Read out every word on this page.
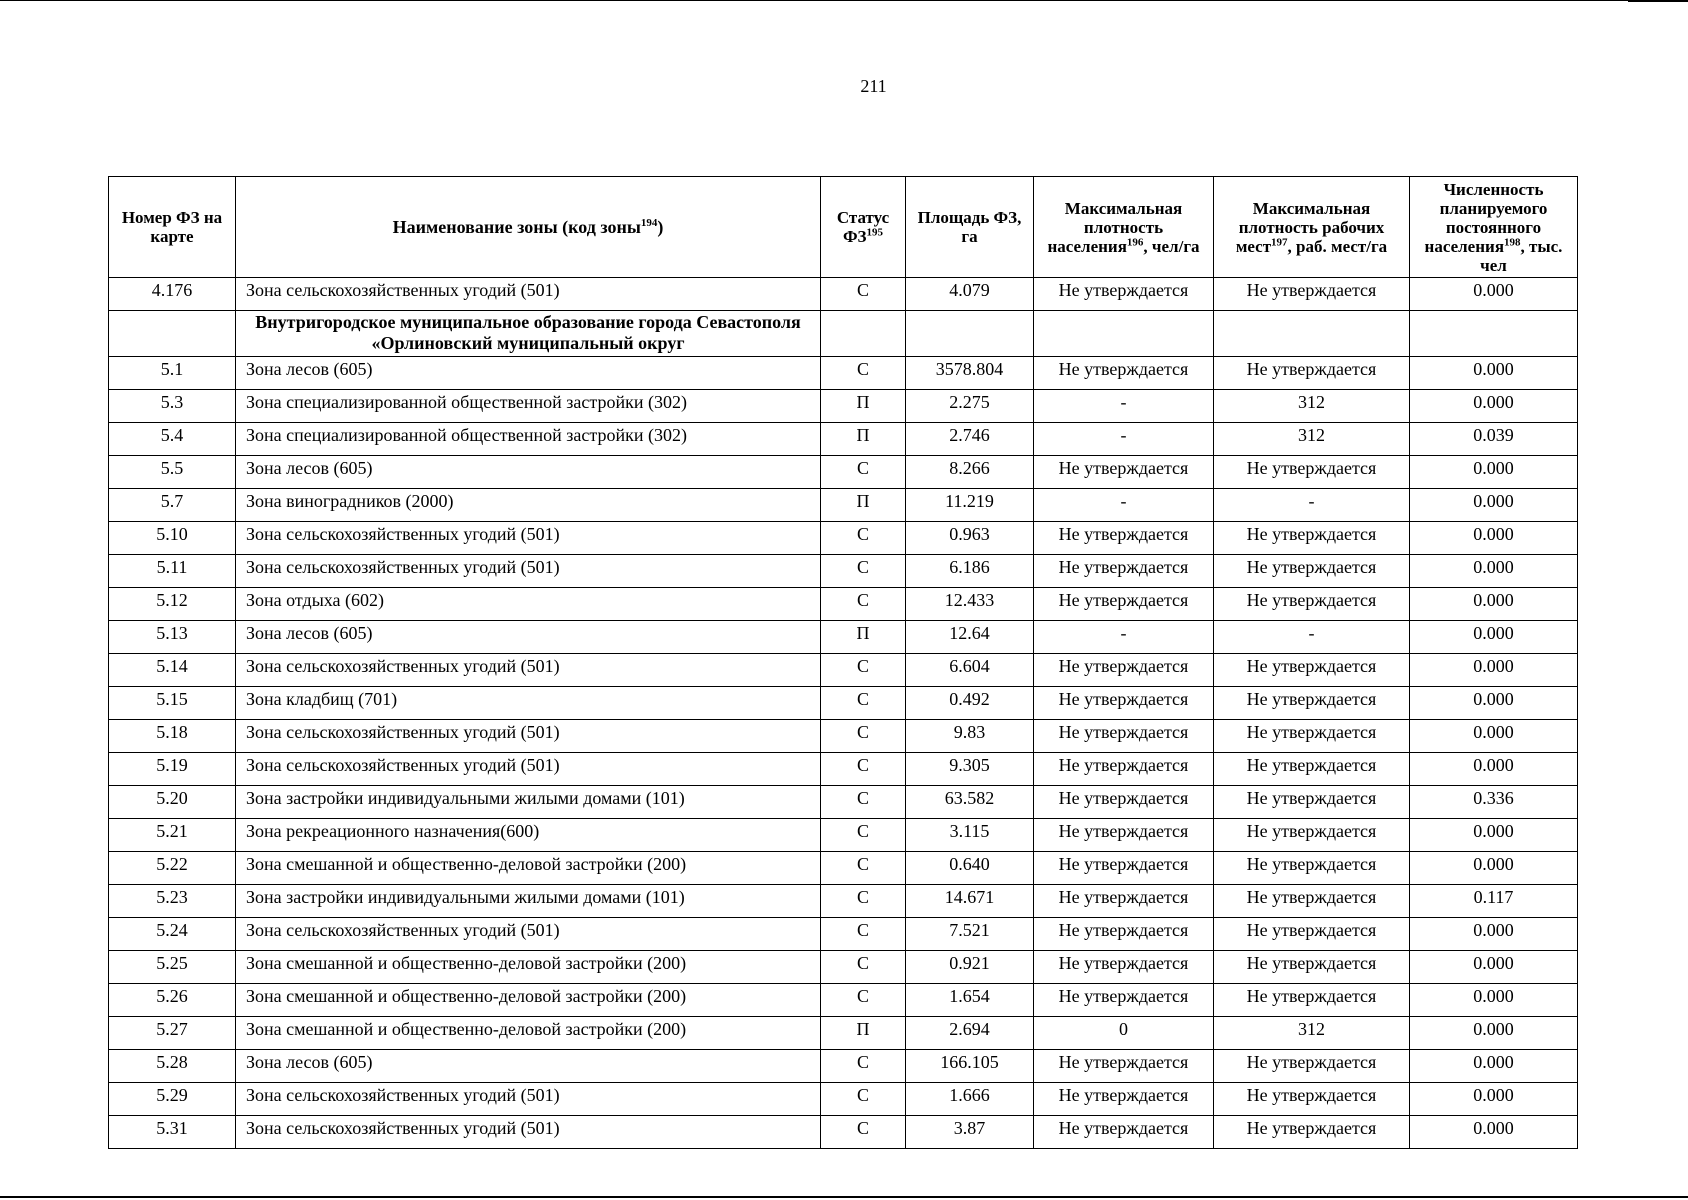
211
Номер ФЗ на карте	Наименование зоны (код зоны$^{194}$)	Статус ФЗ$^{195}$	Площадь ФЗ, га	Максимальная плотность населения$^{196}$, чел/га	Максимальная плотность рабочих мест$^{197}$, раб. мест/га	Численность планируемого постоянного населения$^{198}$, тыс. чел
4.176	Зона сельскохозяйственных угодий (501)	С	4.079	Не утверждается	Не утверждается	0.000
	Внутригородское муниципальное образование города Севастополя «Орлиновский муниципальный округ					
5.1	Зона лесов (605)	С	3578.804	Не утверждается	Не утверждается	0.000
5.3	Зона специализированной общественной застройки (302)	П	2.275	-	312	0.000
5.4	Зона специализированной общественной застройки (302)	П	2.746	-	312	0.039
5.5	Зона лесов (605)	С	8.266	Не утверждается	Не утверждается	0.000
5.7	Зона виноградников (2000)	П	11.219	-	-	0.000
5.10	Зона сельскохозяйственных угодий (501)	С	0.963	Не утверждается	Не утверждается	0.000
5.11	Зона сельскохозяйственных угодий (501)	С	6.186	Не утверждается	Не утверждается	0.000
5.12	Зона отдыха (602)	С	12.433	Не утверждается	Не утверждается	0.000
5.13	Зона лесов (605)	П	12.64	-	-	0.000
5.14	Зона сельскохозяйственных угодий (501)	С	6.604	Не утверждается	Не утверждается	0.000
5.15	Зона кладбищ (701)	С	0.492	Не утверждается	Не утверждается	0.000
5.18	Зона сельскохозяйственных угодий (501)	С	9.83	Не утверждается	Не утверждается	0.000
5.19	Зона сельскохозяйственных угодий (501)	С	9.305	Не утверждается	Не утверждается	0.000
5.20	Зона застройки индивидуальными жилыми домами (101)	С	63.582	Не утверждается	Не утверждается	0.336
5.21	Зона рекреационного назначения(600)	С	3.115	Не утверждается	Не утверждается	0.000
5.22	Зона смешанной и общественно-деловой застройки (200)	С	0.640	Не утверждается	Не утверждается	0.000
5.23	Зона застройки индивидуальными жилыми домами (101)	С	14.671	Не утверждается	Не утверждается	0.117
5.24	Зона сельскохозяйственных угодий (501)	С	7.521	Не утверждается	Не утверждается	0.000
5.25	Зона смешанной и общественно-деловой застройки (200)	С	0.921	Не утверждается	Не утверждается	0.000
5.26	Зона смешанной и общественно-деловой застройки (200)	С	1.654	Не утверждается	Не утверждается	0.000
5.27	Зона смешанной и общественно-деловой застройки (200)	П	2.694	0	312	0.000
5.28	Зона лесов (605)	С	166.105	Не утверждается	Не утверждается	0.000
5.29	Зона сельскохозяйственных угодий (501)	С	1.666	Не утверждается	Не утверждается	0.000
5.31	Зона сельскохозяйственных угодий (501)	С	3.87	Не утверждается	Не утверждается	0.000
